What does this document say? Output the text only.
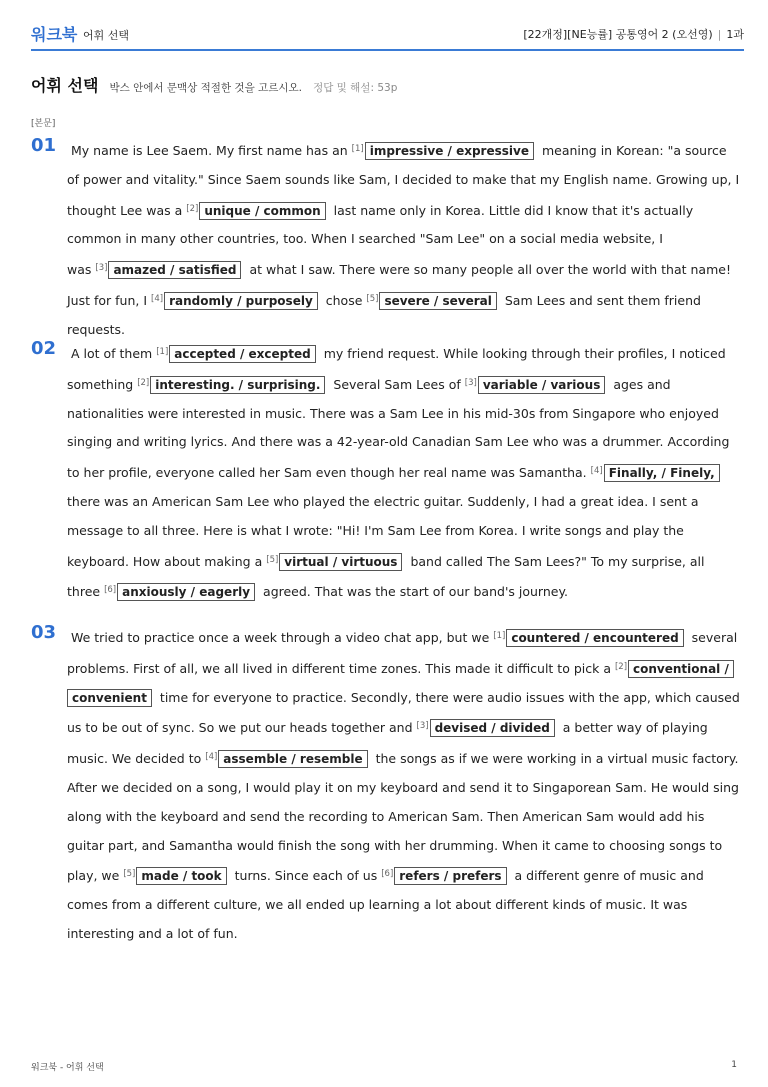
워크북 어휘 선택	[22개정][NE능률] 공통영어 2 (오선영) | 1과
어휘 선택 박스 안에서 문맥상 적절한 것을 고르시오. 정답 및 해설: 53p
[본문]
01	My name is Lee Saem. My first name has an [1] impressive / expressive meaning in Korean: "a source of power and vitality." Since Saem sounds like Sam, I decided to make that my English name. Growing up, I thought Lee was a [2] unique / common last name only in Korea. Little did I know that it's actually common in many other countries, too. When I searched "Sam Lee" on a social media website, I was [3] amazed / satisfied at what I saw. There were so many people all over the world with that name! Just for fun, I [4] randomly / purposely chose [5] severe / several Sam Lees and sent them friend requests.
02	A lot of them [1] accepted / excepted my friend request. While looking through their profiles, I noticed something [2] interesting. / surprising. Several Sam Lees of [3] variable / various ages and nationalities were interested in music. There was a Sam Lee in his mid-30s from Singapore who enjoyed singing and writing lyrics. And there was a 42-year-old Canadian Sam Lee who was a drummer. According to her profile, everyone called her Sam even though her real name was Samantha. [4] Finally, / Finely, there was an American Sam Lee who played the electric guitar. Suddenly, I had a great idea. I sent a message to all three. Here is what I wrote: "Hi! I'm Sam Lee from Korea. I write songs and play the keyboard. How about making a [5] virtual / virtuous band called The Sam Lees?" To my surprise, all three [6] anxiously / eagerly agreed. That was the start of our band's journey.
03	We tried to practice once a week through a video chat app, but we [1] countered / encountered several problems. First of all, we all lived in different time zones. This made it difficult to pick a [2] conventional / convenient time for everyone to practice. Secondly, there were audio issues with the app, which caused us to be out of sync. So we put our heads together and [3] devised / divided a better way of playing music. We decided to [4] assemble / resemble the songs as if we were working in a virtual music factory. After we decided on a song, I would play it on my keyboard and send it to Singaporean Sam. He would sing along with the keyboard and send the recording to American Sam. Then American Sam would add his guitar part, and Samantha would finish the song with her drumming. When it came to choosing songs to play, we [5] made / took turns. Since each of us [6] refers / prefers a different genre of music and comes from a different culture, we all ended up learning a lot about different kinds of music. It was interesting and a lot of fun.
워크북 - 어휘 선택	1
